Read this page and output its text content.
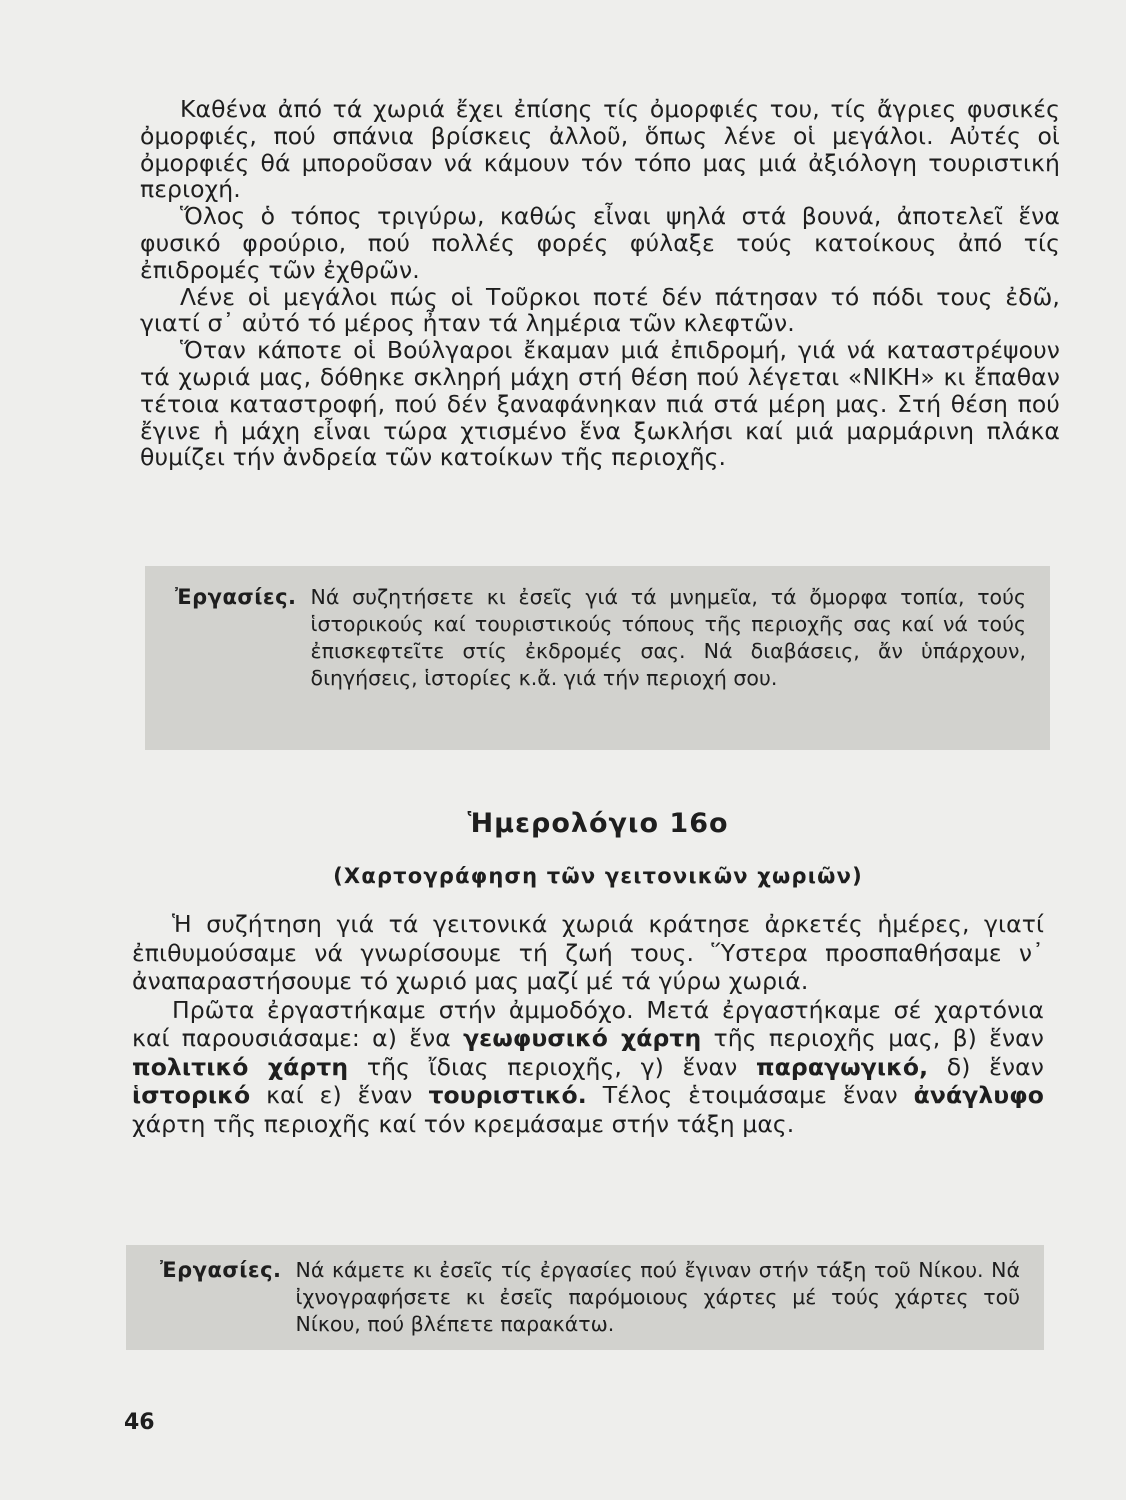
Καθένα ἀπό τά χωριά ἔχει ἐπίσης τίς ὀμορφιές του, τίς ἄγριες φυσικές ὀμορφιές, πού σπάνια βρίσκεις ἀλλοῦ, ὅπως λένε οἱ μεγάλοι. Αὐτές οἱ ὀμορφιές θά μποροῦσαν νά κάμουν τόν τόπο μας μιά ἀξιόλογη τουριστική περιοχή.

Ὅλος ὁ τόπος τριγύρω, καθώς εἶναι ψηλά στά βουνά, ἀποτελεῖ ἕνα φυσικό φρούριο, πού πολλές φορές φύλαξε τούς κατοίκους ἀπό τίς ἐπιδρομές τῶν ἐχθρῶν.

Λένε οἱ μεγάλοι πώς οἱ Τοῦρκοι ποτέ δέν πάτησαν τό πόδι τους ἐδῶ, γιατί σ᾿ αὐτό τό μέρος ἦταν τά λημέρια τῶν κλεφτῶν.

Ὅταν κάποτε οἱ Βούλγαροι ἔκαμαν μιά ἐπιδρομή, γιά νά καταστρέψουν τά χωριά μας, δόθηκε σκληρή μάχη στή θέση πού λέγεται «ΝΙΚΗ» κι ἔπαθαν τέτοια καταστροφή, πού δέν ξαναφάνηκαν πιά στά μέρη μας. Στή θέση πού ἔγινε ἡ μάχη εἶναι τώρα χτισμένο ἕνα ξωκλήσι καί μιά μαρμάρινη πλάκα θυμίζει τήν ἀνδρεία τῶν κατοίκων τῆς περιοχῆς.

Ἐργασίες. Νά συζητήσετε κι ἐσεῖς γιά τά μνημεῖα, τά ὄμορφα τοπία, τούς ἱστορικούς καί τουριστικούς τόπους τῆς περιοχῆς σας καί νά τούς ἐπισκεφτεῖτε στίς ἐκδρομές σας. Νά διαβάσεις, ἄν ὑπάρχουν, διηγήσεις, ἱστορίες κ.ἄ. γιά τήν περιοχή σου.
Ἡμερολόγιο 16ο
(Χαρτογράφηση τῶν γειτονικῶν χωριῶν)

Ἡ συζήτηση γιά τά γειτονικά χωριά κράτησε ἀρκετές ἡμέρες, γιατί ἐπιθυμούσαμε νά γνωρίσουμε τή ζωή τους. Ὕστερα προσπαθήσαμε ν᾿ ἀναπαραστήσουμε τό χωριό μας μαζί μέ τά γύρω χωριά.

Πρῶτα ἐργαστήκαμε στήν ἀμμοδόχο. Μετά ἐργαστήκαμε σέ χαρτόνια καί παρουσιάσαμε: α) ἕνα γεωφυσικό χάρτη τῆς περιοχῆς μας, β) ἕναν πολιτικό χάρτη τῆς ἴδιας περιοχῆς, γ) ἕναν παραγωγικό, δ) ἕναν ἱστορικό καί ε) ἕναν τουριστικό. Τέλος ἑτοιμάσαμε ἕναν ἀνάγλυφο χάρτη τῆς περιοχῆς καί τόν κρεμάσαμε στήν τάξη μας.

Ἐργασίες. Νά κάμετε κι ἐσεῖς τίς ἐργασίες πού ἔγιναν στήν τάξη τοῦ Νίκου. Νά ἰχνογραφήσετε κι ἐσεῖς παρόμοιους χάρτες μέ τούς χάρτες τοῦ Νίκου, πού βλέπετε παρακάτω.
46
